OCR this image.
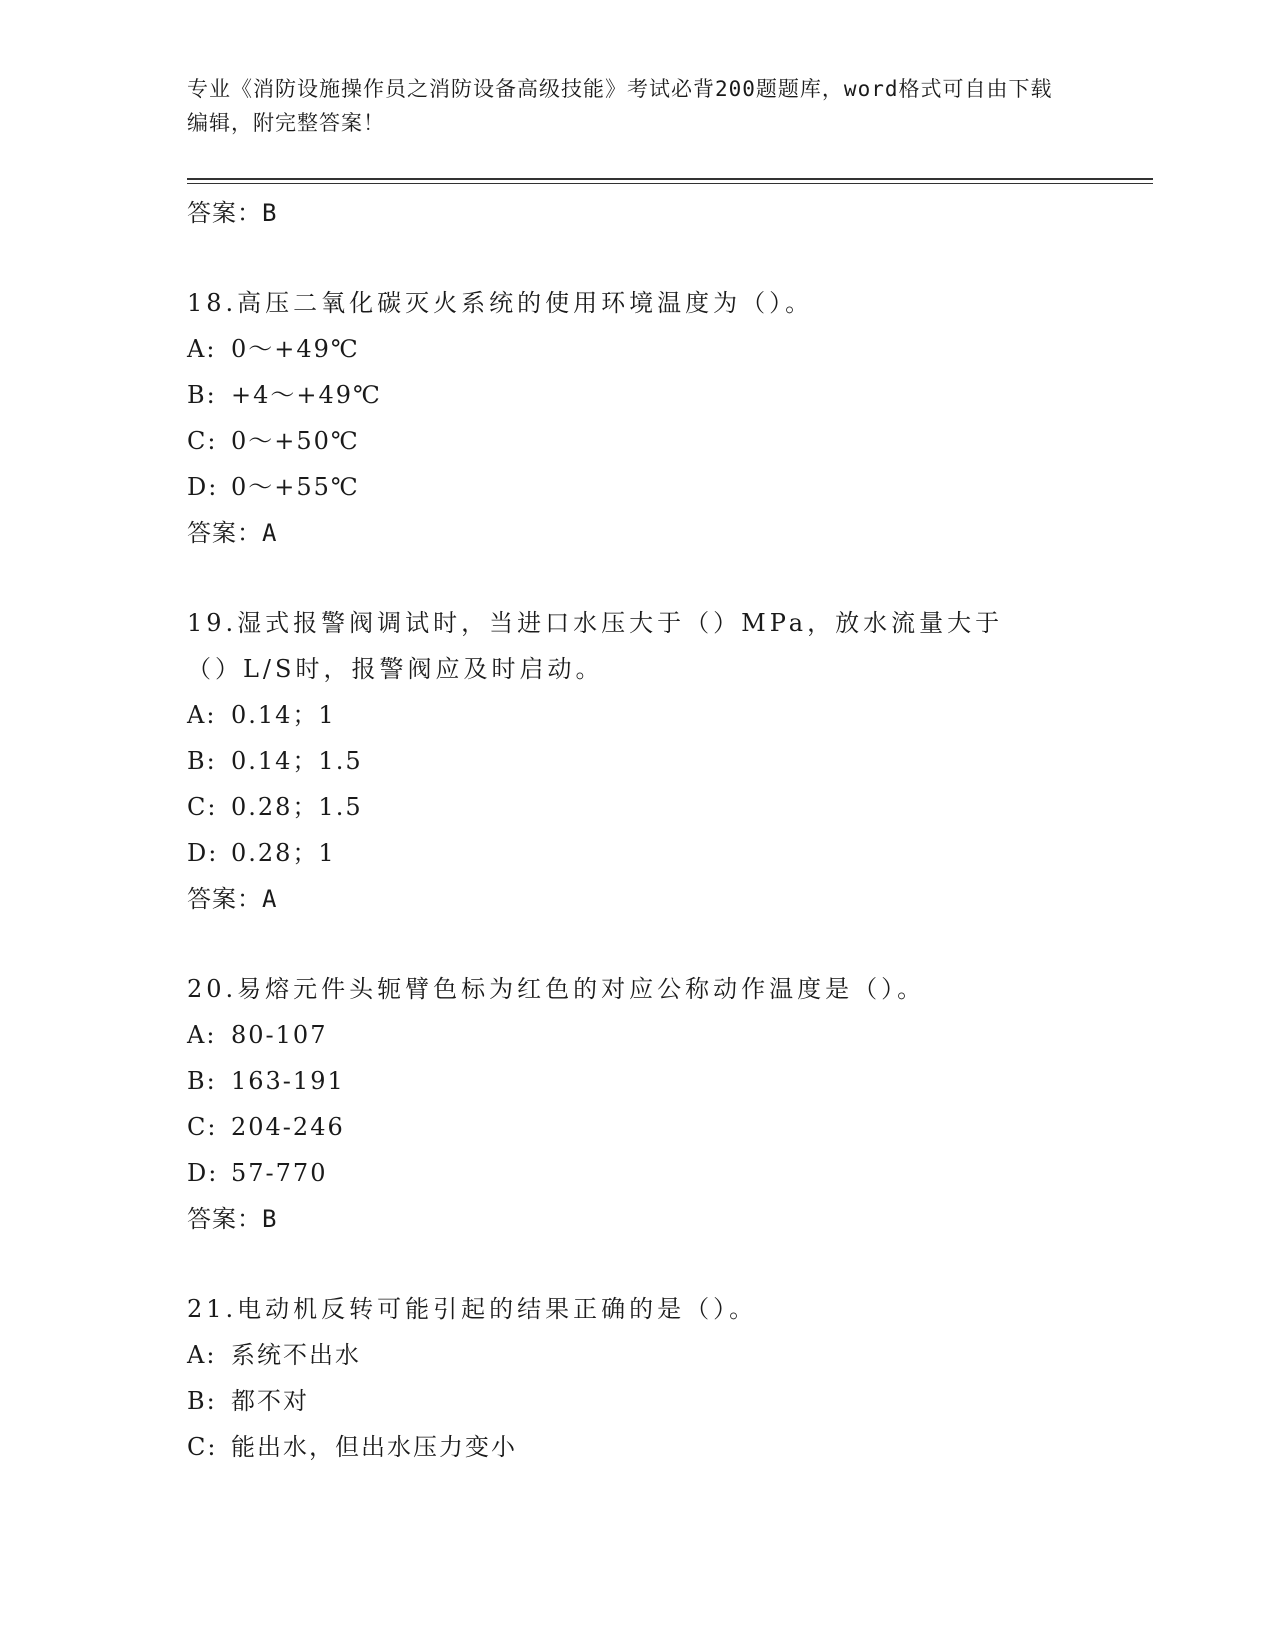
专业《消防设施操作员之消防设备高级技能》考试必背200题题库，word格式可自由下载编辑，附完整答案！
答案：B
18.高压二氧化碳灭火系统的使用环境温度为（）。
A: 0～+49℃
B: +4～+49℃
C: 0～+50℃
D: 0～+55℃
答案：A
19.湿式报警阀调试时，当进口水压大于（）MPa，放水流量大于（）L/S时，报警阀应及时启动。
A: 0.14；1
B: 0.14；1.5
C: 0.28；1.5
D: 0.28；1
答案：A
20.易熔元件头轭臂色标为红色的对应公称动作温度是（）。
A: 80-107
B: 163-191
C: 204-246
D: 57-770
答案：B
21.电动机反转可能引起的结果正确的是（）。
A: 系统不出水
B: 都不对
C: 能出水，但出水压力变小
